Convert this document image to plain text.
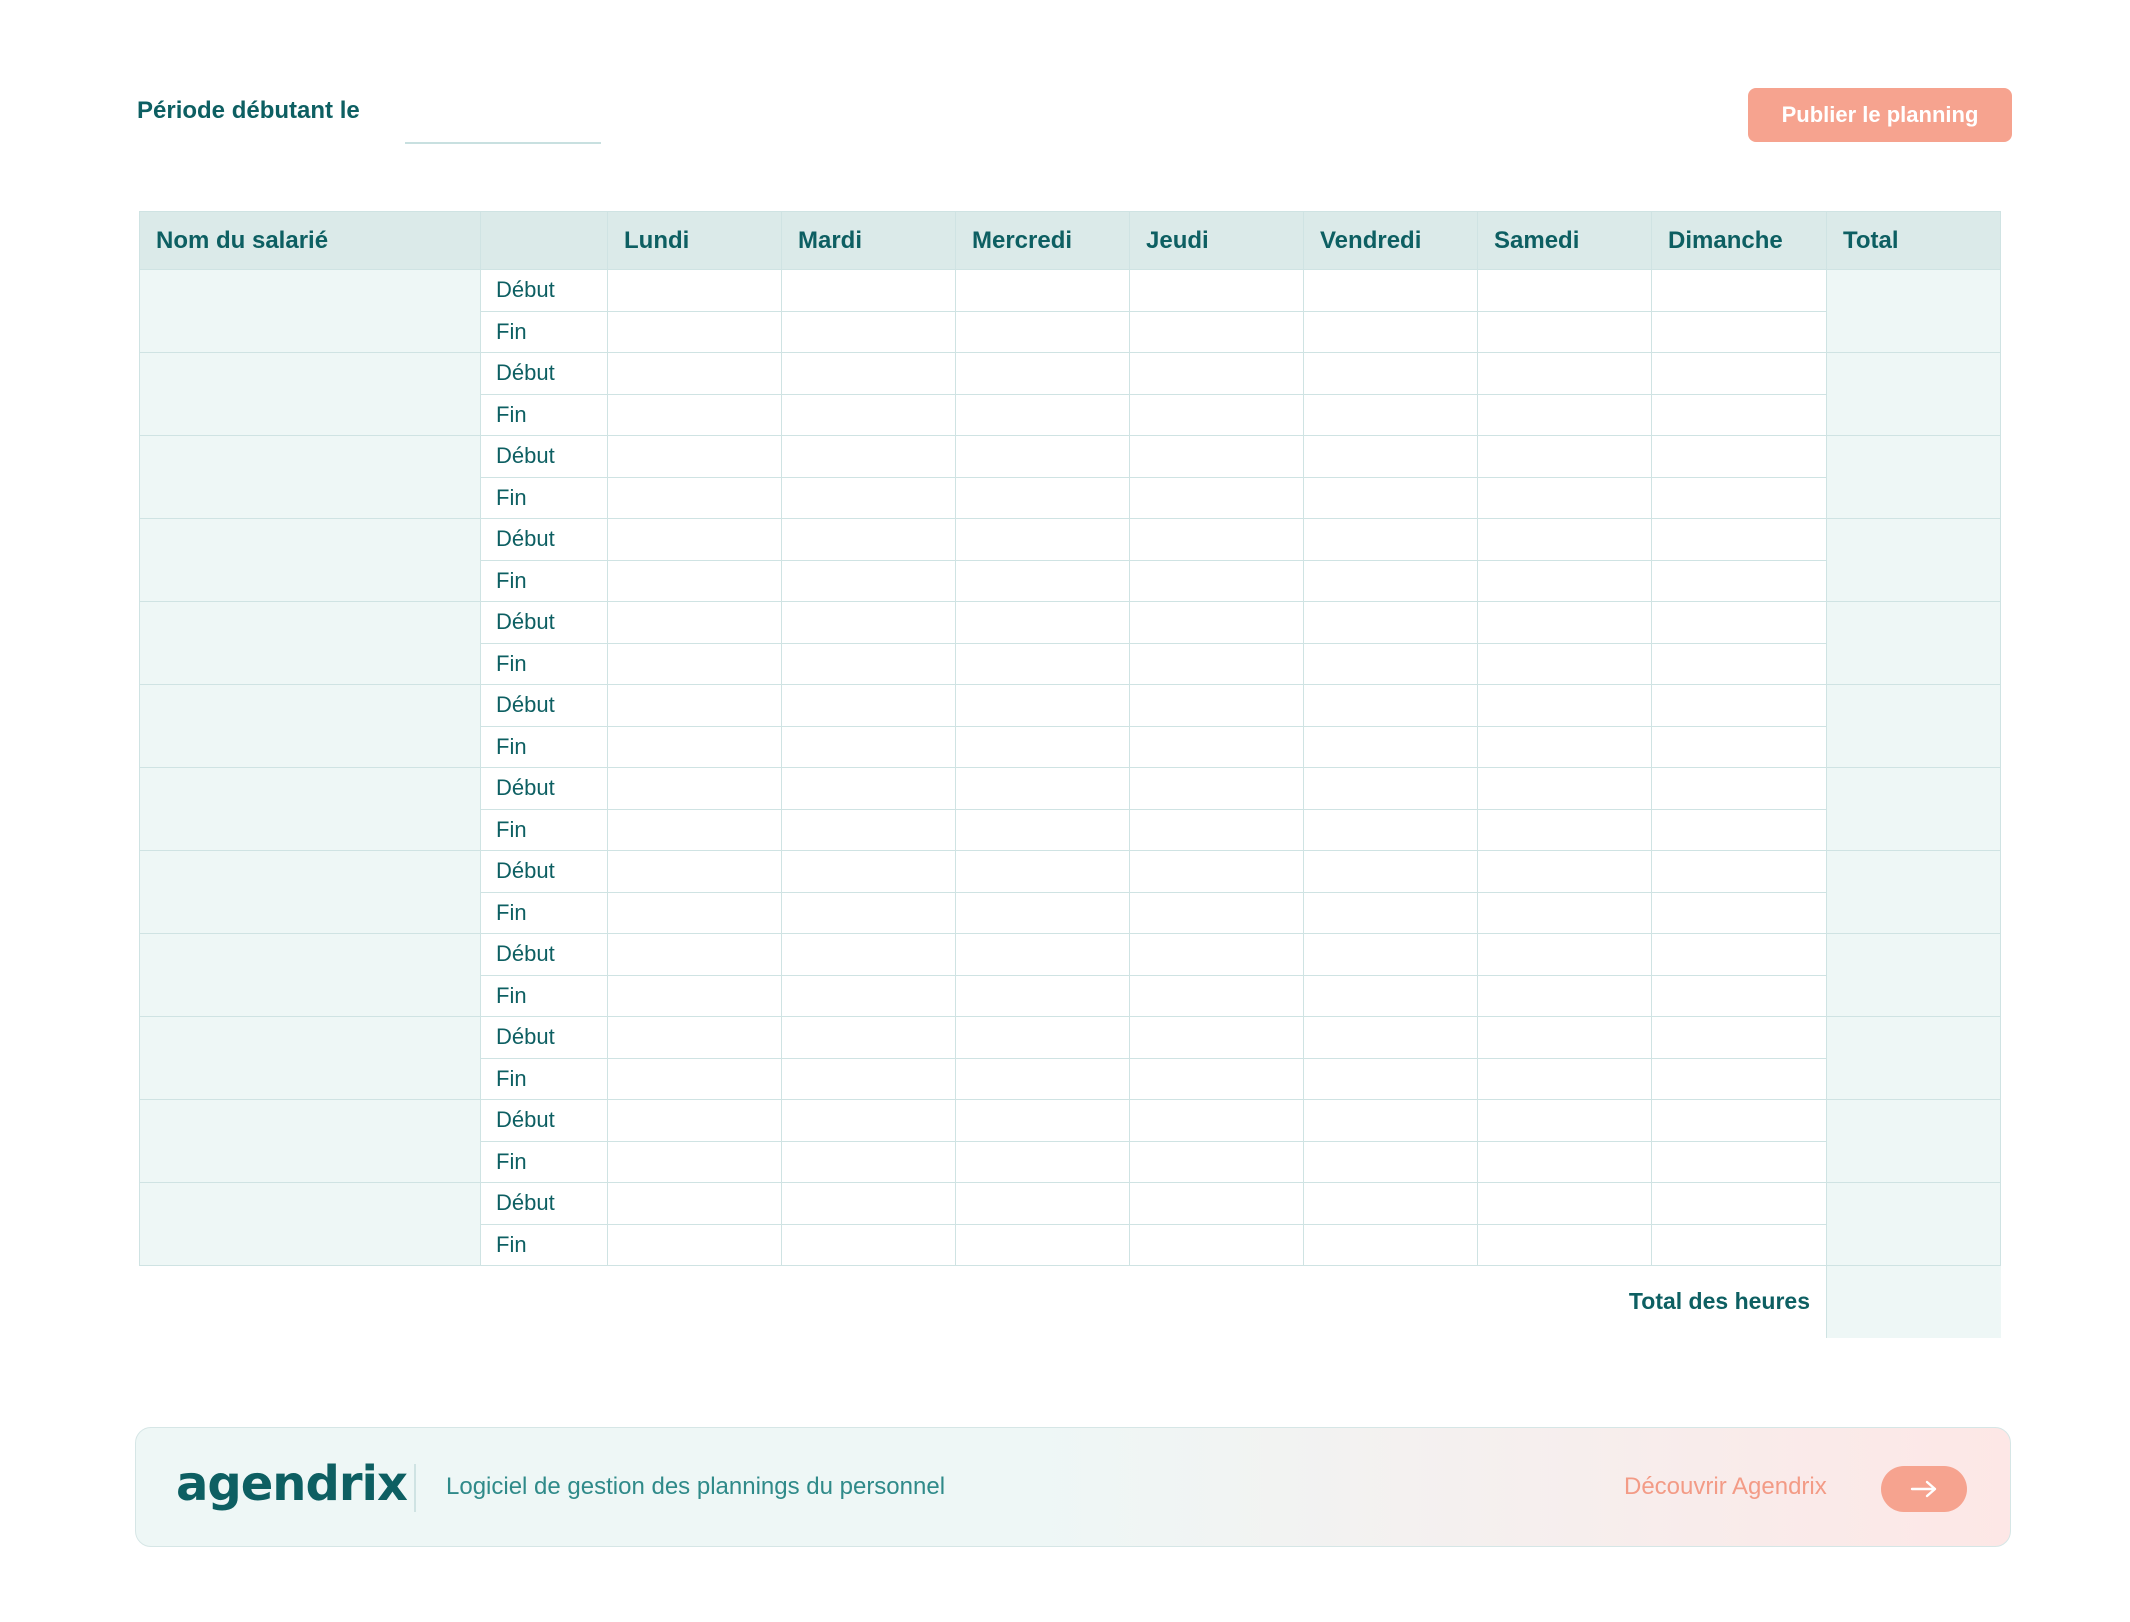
Période débutant le	Publier le planning
Nom du salarié		Lundi	Mardi	Mercredi	Jeudi	Vendredi	Samedi	Dimanche	Total
	Début								
	Fin								
	Début								
	Fin								
	Début								
	Fin								
	Début								
	Fin								
	Début								
	Fin								
	Début								
	Fin								
	Début								
	Fin								
	Début								
	Fin								
	Début								
	Fin								
	Début								
	Fin								
	Début								
	Fin								
	Début								
	Fin								
Total des heures									
agendrix Logiciel de gestion des plannings du personnel	Découvrir Agendrix
